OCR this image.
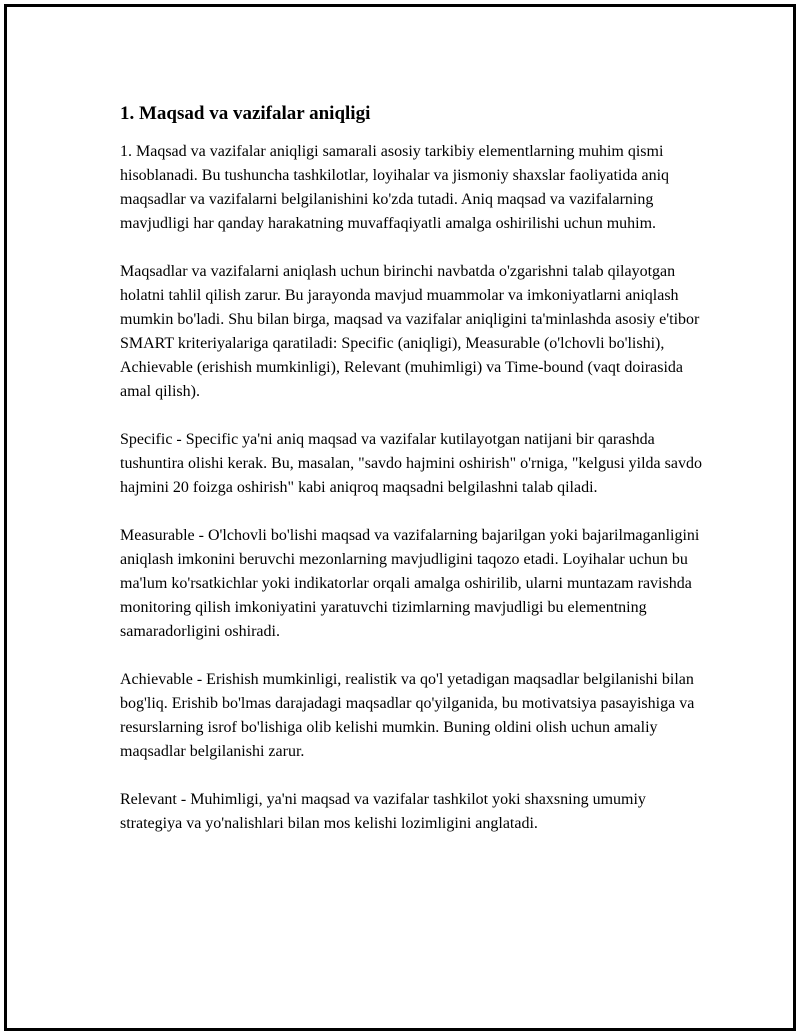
1. Maqsad va vazifalar aniqligi

1. Maqsad va vazifalar aniqligi samarali asosiy tarkibiy elementlarning muhim qismi hisoblanadi. Bu tushuncha tashkilotlar, loyihalar va jismoniy shaxslar faoliyatida aniq maqsadlar va vazifalarni belgilanishini ko'zda tutadi. Aniq maqsad va vazifalarning mavjudligi har qanday harakatning muvaffaqiyatli amalga oshirilishi uchun muhim.

Maqsadlar va vazifalarni aniqlash uchun birinchi navbatda o'zgarishni talab qilayotgan holatni tahlil qilish zarur. Bu jarayonda mavjud muammolar va imkoniyatlarni aniqlash mumkin bo'ladi. Shu bilan birga, maqsad va vazifalar aniqligini ta'minlashda asosiy e'tibor SMART kriteriyalariga qaratiladi: Specific (aniqligi), Measurable (o'lchovli bo'lishi), Achievable (erishish mumkinligi), Relevant (muhimligi) va Time-bound (vaqt doirasida amal qilish).

Specific - Specific ya'ni aniq maqsad va vazifalar kutilayotgan natijani bir qarashda tushuntira olishi kerak. Bu, masalan, "savdo hajmini oshirish" o'rniga, "kelgusi yilda savdo hajmini 20 foizga oshirish" kabi aniqroq maqsadni belgilashni talab qiladi.

Measurable - O'lchovli bo'lishi maqsad va vazifalarning bajarilgan yoki bajarilmaganligini aniqlash imkonini beruvchi mezonlarning mavjudligini taqozo etadi. Loyihalar uchun bu ma'lum ko'rsatkichlar yoki indikatorlar orqali amalga oshirilib, ularni muntazam ravishda monitoring qilish imkoniyatini yaratuvchi tizimlarning mavjudligi bu elementning samaradorligini oshiradi.

Achievable - Erishish mumkinligi, realistik va qo'l yetadigan maqsadlar belgilanishi bilan bog'liq. Erishib bo'lmas darajadagi maqsadlar qo'yilganida, bu motivatsiya pasayishiga va resurslarning isrof bo'lishiga olib kelishi mumkin. Buning oldini olish uchun amaliy maqsadlar belgilanishi zarur.

Relevant - Muhimligi, ya'ni maqsad va vazifalar tashkilot yoki shaxsning umumiy strategiya va yo'nalishlari bilan mos kelishi lozimligini anglatadi.
